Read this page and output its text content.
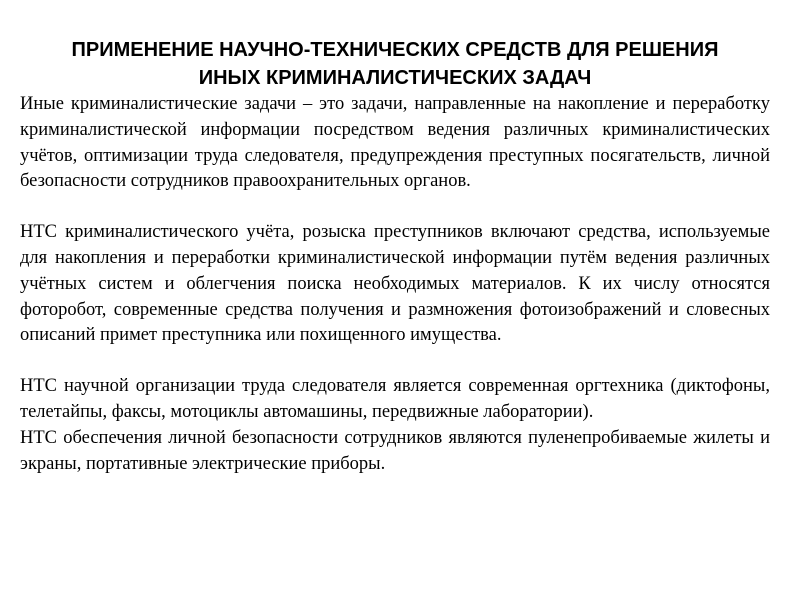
ПРИМЕНЕНИЕ НАУЧНО-ТЕХНИЧЕСКИХ СРЕДСТВ ДЛЯ РЕШЕНИЯ
ИНЫХ КРИМИНАЛИСТИЧЕСКИХ ЗАДАЧ

Иные криминалистические задачи – это задачи, направленные на накопление и переработку криминалистической информации посредством ведения различных криминалистических учётов, оптимизации труда следователя, предупреждения преступных посягательств, личной безопасности сотрудников правоохранительных органов.

НТС криминалистического учёта, розыска преступников включают средства, используемые для накопления и переработки криминалистической информации путём ведения различных учётных систем и облегчения поиска необходимых материалов. К их числу относятся фоторобот, современные средства получения и размножения фотоизображений и словесных описаний примет преступника или похищенного имущества.

НТС научной организации труда следователя является современная оргтехника (диктофоны, телетайпы, факсы, мотоциклы автомашины, передвижные лаборатории).

НТС обеспечения личной безопасности сотрудников являются пуленепробиваемые жилеты и экраны, портативные электрические приборы.
